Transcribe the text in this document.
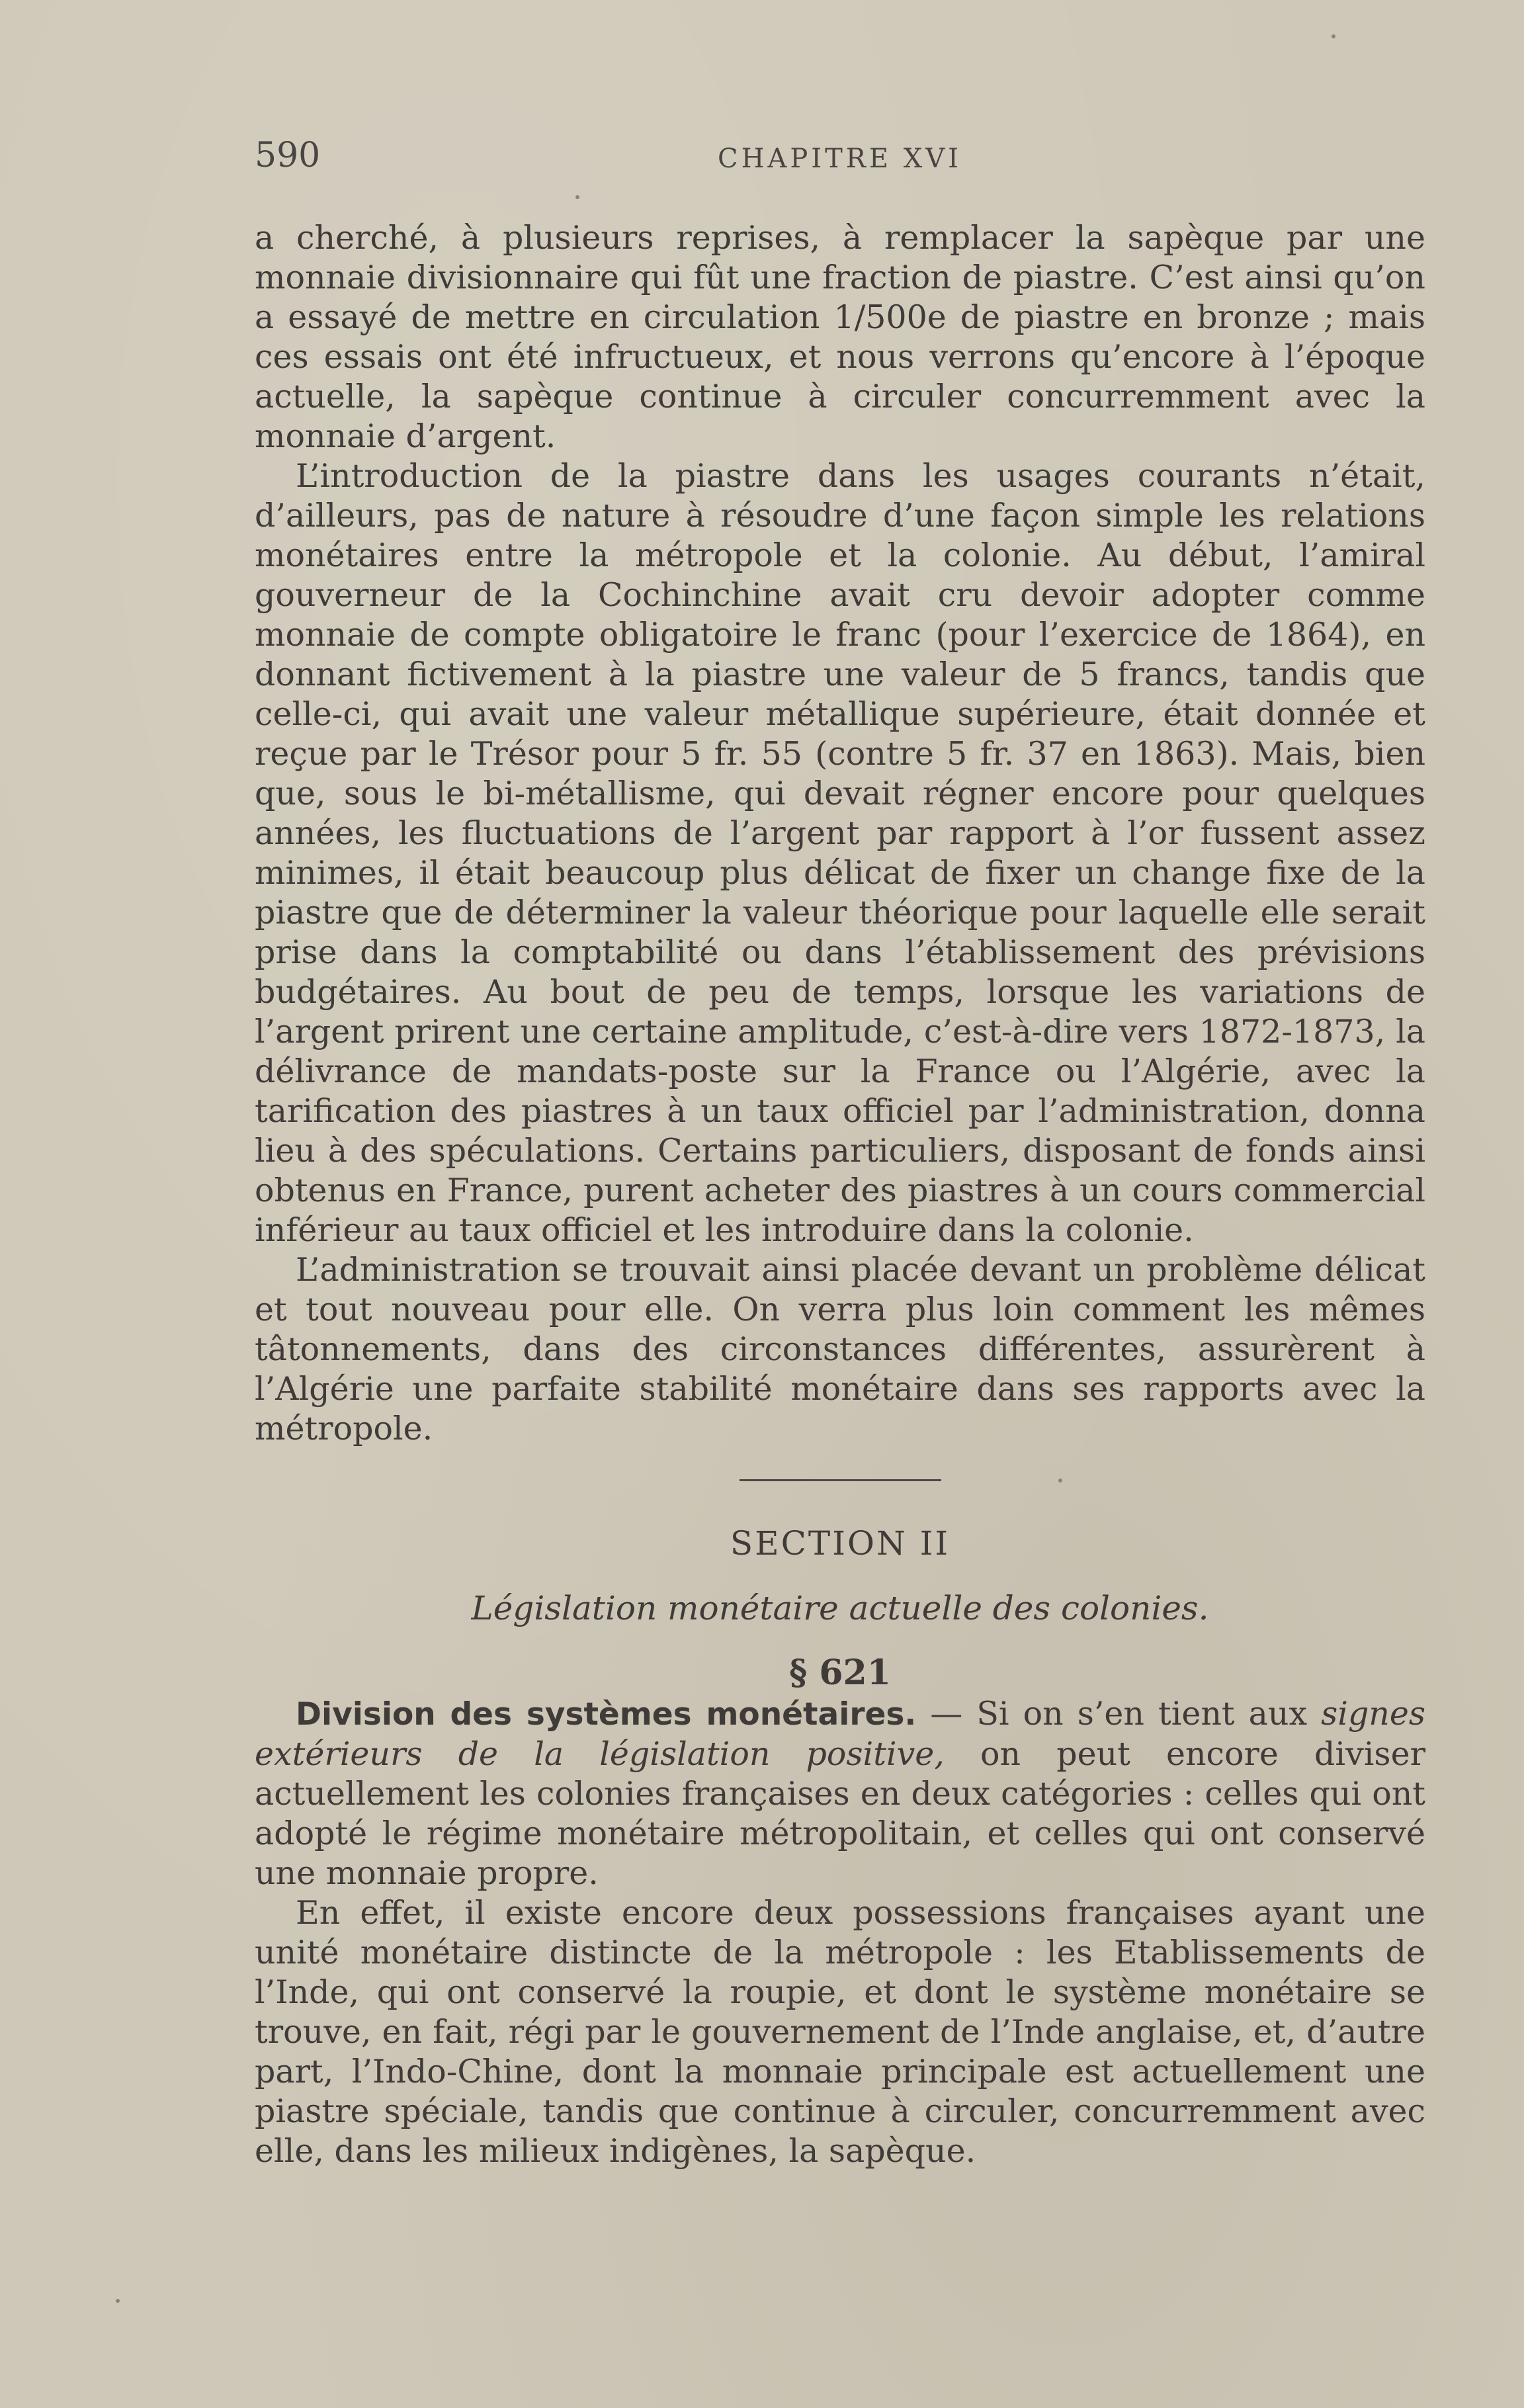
590	CHAPITRE XVI

a cherché, à plusieurs reprises, à remplacer la sapèque par une monnaie divisionnaire qui fût une fraction de piastre. C’est ainsi qu’on a essayé de mettre en circulation 1/500e de piastre en bronze ; mais ces essais ont été infructueux, et nous verrons qu’encore à l’époque actuelle, la sapèque continue à circuler concurremment avec la monnaie d’argent.

L’introduction de la piastre dans les usages courants n’était, d’ailleurs, pas de nature à résoudre d’une façon simple les relations monétaires entre la métropole et la colonie. Au début, l’amiral gouverneur de la Cochinchine avait cru devoir adopter comme monnaie de compte obligatoire le franc (pour l’exercice de 1864), en donnant fictivement à la piastre une valeur de 5 francs, tandis que celle-ci, qui avait une valeur métallique supérieure, était donnée et reçue par le Trésor pour 5 fr. 55 (contre 5 fr. 37 en 1863). Mais, bien que, sous le bi-métallisme, qui devait régner encore pour quelques années, les fluctuations de l’argent par rapport à l’or fussent assez minimes, il était beaucoup plus délicat de fixer un change fixe de la piastre que de déterminer la valeur théorique pour laquelle elle serait prise dans la comptabilité ou dans l’établissement des prévisions budgétaires. Au bout de peu de temps, lorsque les variations de l’argent prirent une certaine amplitude, c’est-à-dire vers 1872-1873, la délivrance de mandats-poste sur la France ou l’Algérie, avec la tarification des piastres à un taux officiel par l’administration, donna lieu à des spéculations. Certains particuliers, disposant de fonds ainsi obtenus en France, purent acheter des piastres à un cours commercial inférieur au taux officiel et les introduire dans la colonie.

L’administration se trouvait ainsi placée devant un problème délicat et tout nouveau pour elle. On verra plus loin comment les mêmes tâtonnements, dans des circonstances différentes, assurèrent à l’Algérie une parfaite stabilité monétaire dans ses rapports avec la métropole.

SECTION II
Législation monétaire actuelle des colonies.
§ 621

Division des systèmes monétaires. — Si on s’en tient aux signes extérieurs de la législation positive, on peut encore diviser actuellement les colonies françaises en deux catégories : celles qui ont adopté le régime monétaire métropolitain, et celles qui ont conservé une monnaie propre.

En effet, il existe encore deux possessions françaises ayant une unité monétaire distincte de la métropole : les Etablissements de l’Inde, qui ont conservé la roupie, et dont le système monétaire se trouve, en fait, régi par le gouvernement de l’Inde anglaise, et, d’autre part, l’Indo-Chine, dont la monnaie principale est actuellement une piastre spéciale, tandis que continue à circuler, concurremment avec elle, dans les milieux indigènes, la sapèque.
